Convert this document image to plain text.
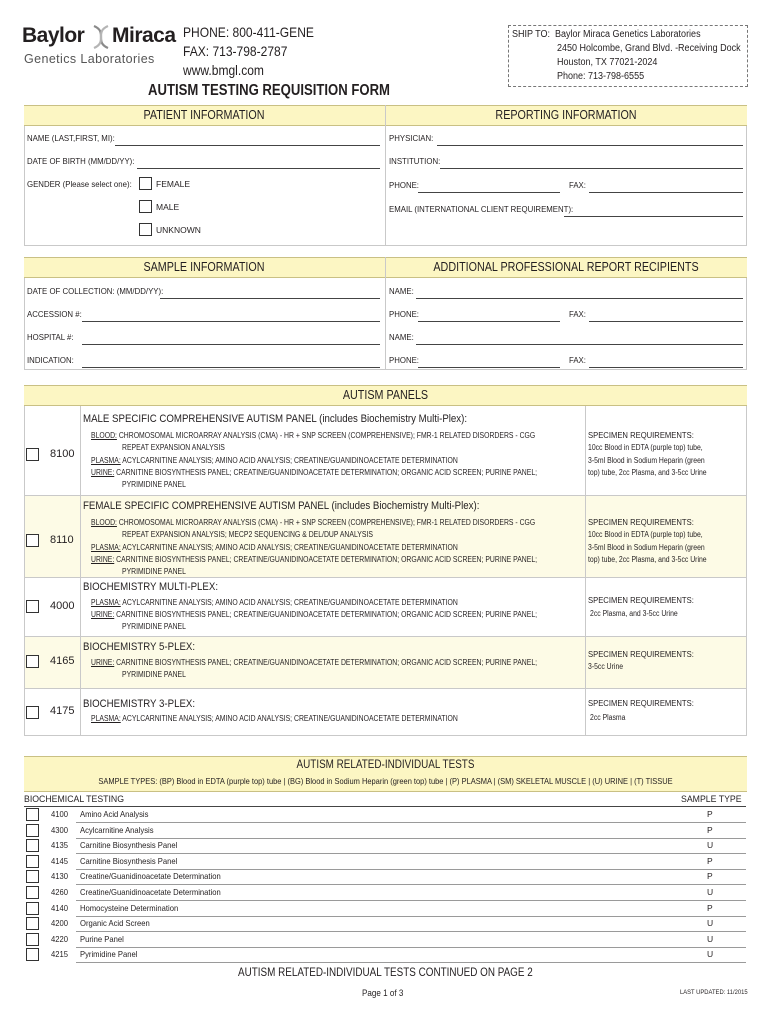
Baylor Miraca
Genetics Laboratories
PHONE: 800-411-GENE
FAX: 713-798-2787
www.bmgl.com
SHIP TO: Baylor Miraca Genetics Laboratories
2450 Holcombe, Grand Blvd. -Receiving Dock
Houston, TX 77021-2024
Phone: 713-798-6555
AUTISM TESTING REQUISITION FORM
PATIENT INFORMATION	REPORTING INFORMATION
NAME (LAST,FIRST, MI):
DATE OF BIRTH (MM/DD/YY):
GENDER (Please select one):	FEMALE
MALE
UNKNOWN
PHYSICIAN:
INSTITUTION:
PHONE:	FAX:
EMAIL (INTERNATIONAL CLIENT REQUIREMENT):
SAMPLE INFORMATION	ADDITIONAL PROFESSIONAL REPORT RECIPIENTS
DATE OF COLLECTION: (MM/DD/YY):
ACCESSION #:
HOSPITAL #:
INDICATION:
NAME:
PHONE:	FAX:
NAME:
PHONE:	FAX:
AUTISM PANELS
8100
MALE SPECIFIC COMPREHENSIVE AUTISM PANEL (includes Biochemistry Multi-Plex):
BLOOD: CHROMOSOMAL MICROARRAY ANALYSIS (CMA) - HR + SNP SCREEN (COMPREHENSIVE); FMR-1 RELATED DISORDERS - CGG
REPEAT EXPANSION ANALYSIS
PLASMA: ACYLCARNITINE ANALYSIS; AMINO ACID ANALYSIS; CREATINE/GUANIDINOACETATE DETERMINATION
URINE: CARNITINE BIOSYNTHESIS PANEL; CREATINE/GUANIDINOACETATE DETERMINATION; ORGANIC ACID SCREEN; PURINE PANEL;
PYRIMIDINE PANEL
SPECIMEN REQUIREMENTS:
10cc Blood in EDTA (purple top) tube,
3-5ml Blood in Sodium Heparin (green
top) tube, 2cc Plasma, and 3-5cc Urine
8110
FEMALE SPECIFIC COMPREHENSIVE AUTISM PANEL (includes Biochemistry Multi-Plex):
BLOOD: CHROMOSOMAL MICROARRAY ANALYSIS (CMA) - HR + SNP SCREEN (COMPREHENSIVE); FMR-1 RELATED DISORDERS - CGG
REPEAT EXPANSION ANALYSIS; MECP2 SEQUENCING & DEL/DUP ANALYSIS
PLASMA: ACYLCARNITINE ANALYSIS; AMINO ACID ANALYSIS; CREATINE/GUANIDINOACETATE DETERMINATION
URINE: CARNITINE BIOSYNTHESIS PANEL; CREATINE/GUANIDINOACETATE DETERMINATION; ORGANIC ACID SCREEN; PURINE PANEL;
PYRIMIDINE PANEL
SPECIMEN REQUIREMENTS:
10cc Blood in EDTA (purple top) tube,
3-5ml Blood in Sodium Heparin (green
top) tube, 2cc Plasma, and 3-5cc Urine
4000
BIOCHEMISTRY MULTI-PLEX:
PLASMA: ACYLCARNITINE ANALYSIS; AMINO ACID ANALYSIS; CREATINE/GUANIDINOACETATE DETERMINATION
URINE: CARNITINE BIOSYNTHESIS PANEL; CREATINE/GUANIDINOACETATE DETERMINATION; ORGANIC ACID SCREEN; PURINE PANEL;
PYRIMIDINE PANEL
SPECIMEN REQUIREMENTS:
2cc Plasma, and 3-5cc Urine
4165
BIOCHEMISTRY 5-PLEX:
URINE: CARNITINE BIOSYNTHESIS PANEL; CREATINE/GUANIDINOACETATE DETERMINATION; ORGANIC ACID SCREEN; PURINE PANEL;
PYRIMIDINE PANEL
SPECIMEN REQUIREMENTS:
3-5cc Urine
4175
BIOCHEMISTRY 3-PLEX:
PLASMA: ACYLCARNITINE ANALYSIS; AMINO ACID ANALYSIS; CREATINE/GUANIDINOACETATE DETERMINATION
SPECIMEN REQUIREMENTS:
2cc Plasma
AUTISM RELATED-INDIVIDUAL TESTS
SAMPLE TYPES: (BP) Blood in EDTA (purple top) tube | (BG) Blood in Sodium Heparin (green top) tube | (P) PLASMA | (SM) SKELETAL MUSCLE | (U) URINE | (T) TISSUE
BIOCHEMICAL TESTING	SAMPLE TYPE
4100 Amino Acid Analysis	P
4300 Acylcarnitine Analysis	P
4135 Carnitine Biosynthesis Panel	U
4145 Carnitine Biosynthesis Panel	P
4130 Creatine/Guanidinoacetate Determination	P
4260 Creatine/Guanidinoacetate Determination	U
4140 Homocysteine Determination	P
4200 Organic Acid Screen	U
4220 Purine Panel	U
4215 Pyrimidine Panel	U
AUTISM RELATED-INDIVIDUAL TESTS CONTINUED ON PAGE 2
Page 1 of 3	LAST UPDATED: 11/2015
